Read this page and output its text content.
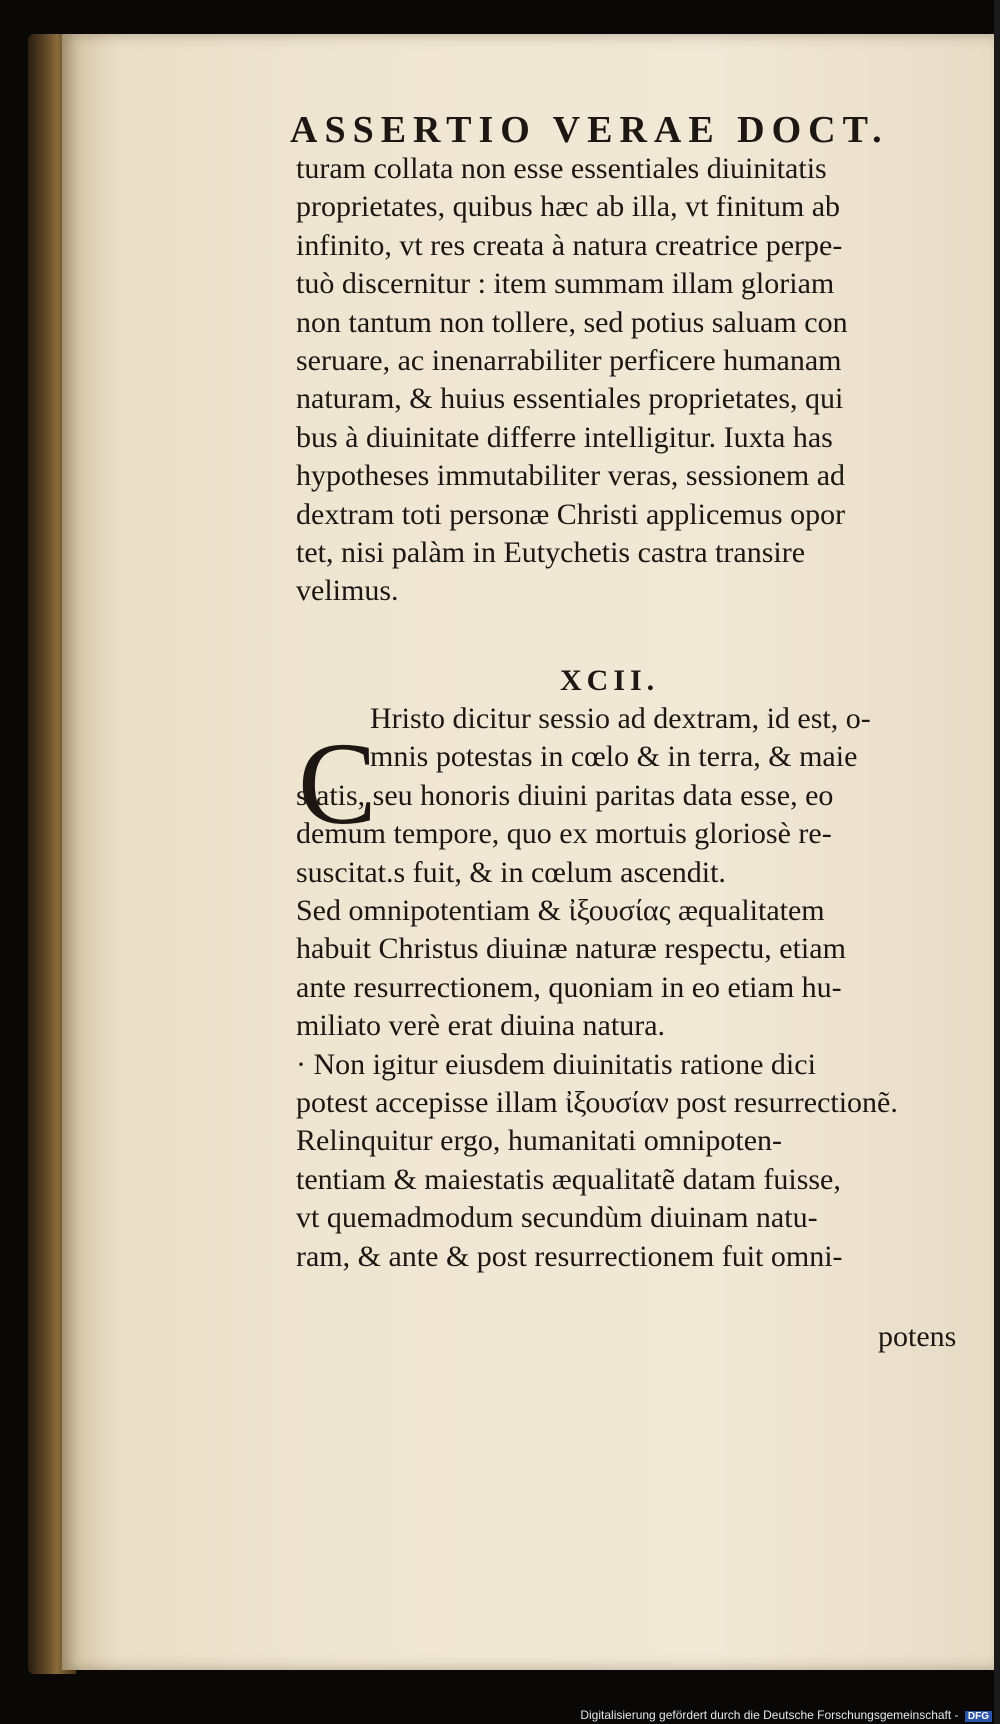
ASSERTIO VERAE DOCT.
turam collata non esse essentiales diuinitatis
proprietates, quibus hæc ab illa, vt finitum ab
infinito, vt res creata à natura creatrice perpe-
tuò discernitur : item summam illam gloriam
non tantum non tollere, sed potius saluam con
seruare, ac inenarrabiliter perficere humanam
naturam, & huius essentiales proprietates, qui
bus à diuinitate differre intelligitur. Iuxta has
hypotheses immutabiliter veras, sessionem ad
dextram toti personæ Christi applicemus opor
tet, nisi palàm in Eutychetis castra transire
velimus.
XCII.
C
Hristo dicitur sessio ad dextram, id est, o-
mnis potestas in cœlo & in terra, & maie
statis, seu honoris diuini paritas data esse, eo
demum tempore, quo ex mortuis gloriosè re-
suscitat⁠.s fuit, & in cœlum ascendit.
Sed omnipotentiam & ἰξουσίας æqualitatem
habuit Christus diuinæ naturæ respectu, etiam
ante resurrectionem, quoniam in eo etiam hu-
miliato verè erat diuina natura.
· Non igitur eiusdem diuinitatis ratione dici
potest accepisse illam ἰξουσίαν post resurrectionẽ.
Relinquitur ergo, humanitati omnipoten-
tentiam & maiestatis æqualitatẽ datam fuisse,
vt quemadmodum secundùm diuinam natu-
ram, & ante & post resurrectionem fuit omni-
potens
Digitalisierung gefördert durch die Deutsche Forschungsgemeinschaft - DFG
